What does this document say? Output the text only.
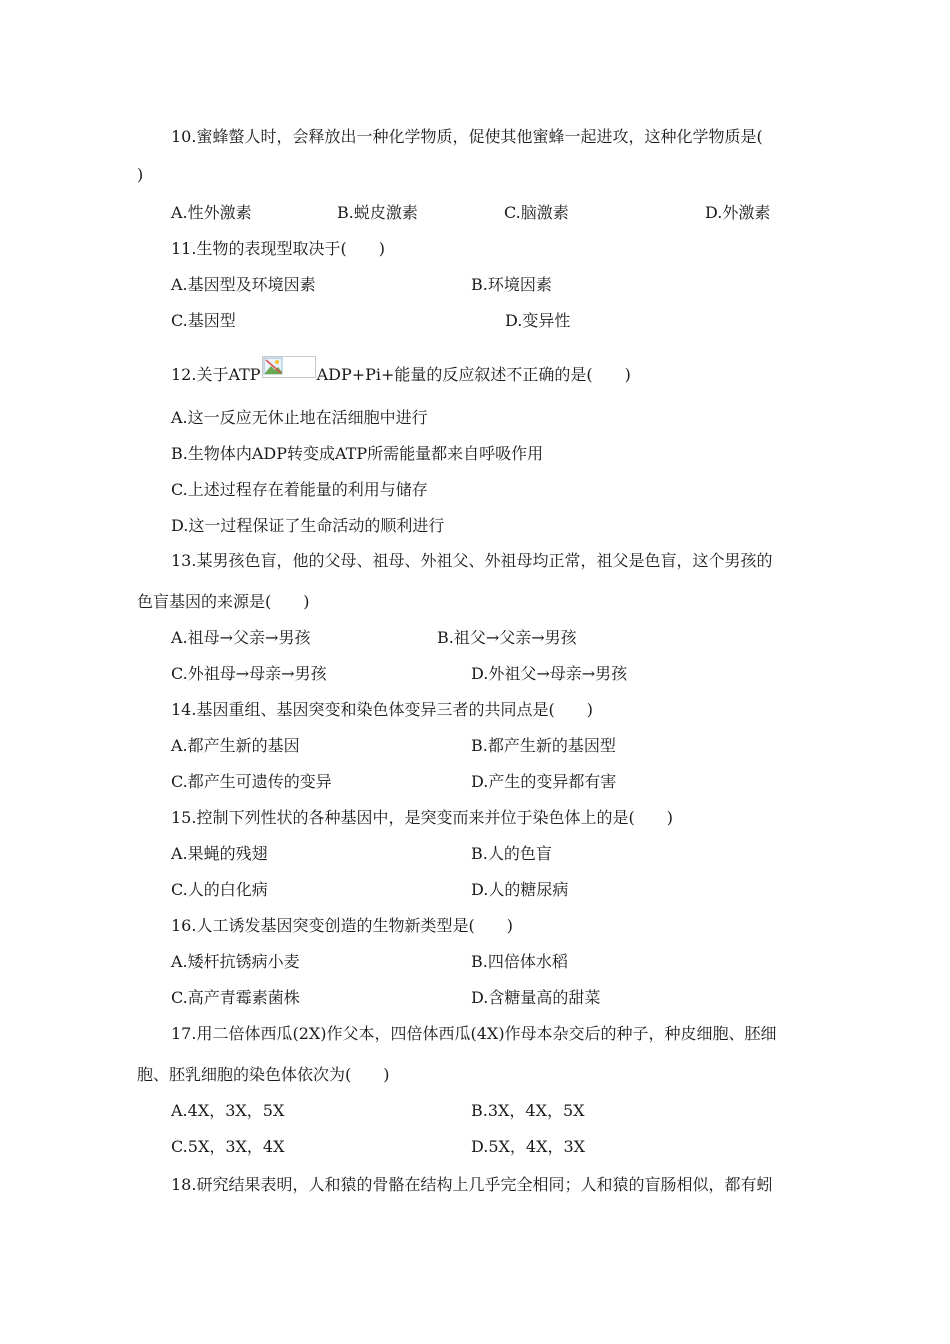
10.蜜蜂螫人时，会释放出一种化学物质，促使其他蜜蜂一起进攻，这种化学物质是(
)
A.性外激素	B.蜕皮激素	C.脑激素	D.外激素
11.生物的表现型取决于(　　)
A.基因型及环境因素	B.环境因素
C.基因型	D.变异性
12.关于ATP	ADP+Pi+能量的反应叙述不正确的是(　　)
A.这一反应无休止地在活细胞中进行
B.生物体内ADP转变成ATP所需能量都来自呼吸作用
C.上述过程存在着能量的利用与储存
D.这一过程保证了生命活动的顺利进行
13.某男孩色盲，他的父母、祖母、外祖父、外祖母均正常，祖父是色盲，这个男孩的
色盲基因的来源是(　　)
A.祖母→父亲→男孩	B.祖父→父亲→男孩
C.外祖母→母亲→男孩	D.外祖父→母亲→男孩
14.基因重组、基因突变和染色体变异三者的共同点是(　　)
A.都产生新的基因	B.都产生新的基因型
C.都产生可遗传的变异	D.产生的变异都有害
15.控制下列性状的各种基因中，是突变而来并位于染色体上的是(　　)
A.果蝇的残翅	B.人的色盲
C.人的白化病	D.人的糖尿病
16.人工诱发基因突变创造的生物新类型是(　　)
A.矮杆抗锈病小麦	B.四倍体水稻
C.高产青霉素菌株	D.含糖量高的甜菜
17.用二倍体西瓜(2X)作父本，四倍体西瓜(4X)作母本杂交后的种子，种皮细胞、胚细
胞、胚乳细胞的染色体依次为(　　)
A.4X，3X，5X	B.3X，4X，5X
C.5X，3X，4X	D.5X，4X，3X
18.研究结果表明，人和猿的骨骼在结构上几乎完全相同；人和猿的盲肠相似，都有蚓
